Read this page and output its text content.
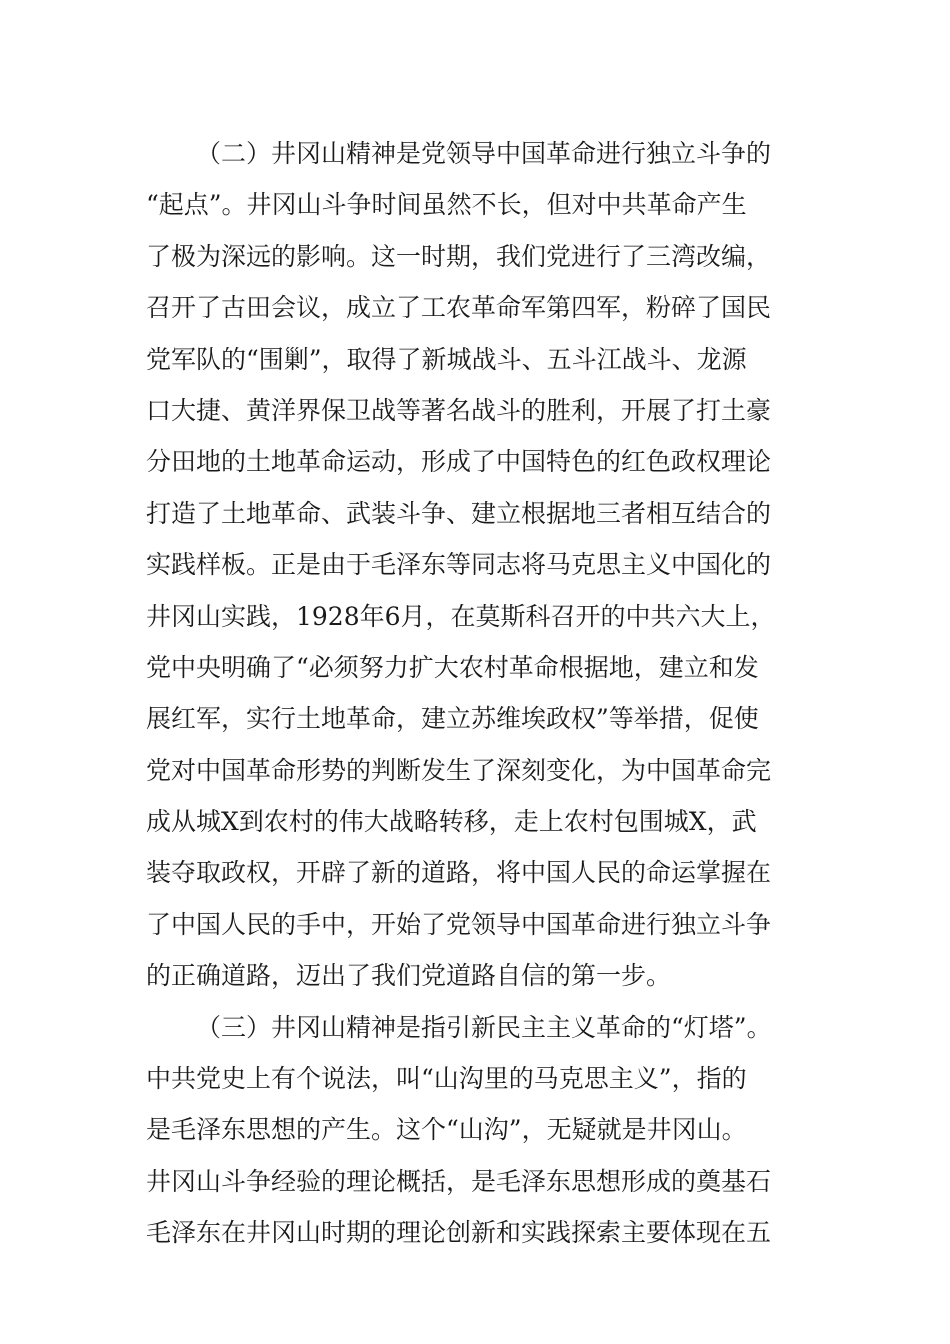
（二）井冈山精神是党领导中国革命进行独立斗争的
“起点”。井冈山斗争时间虽然不长，但对中共革命产生
了极为深远的影响。这一时期，我们党进行了三湾改编，
召开了古田会议，成立了工农革命军第四军，粉碎了国民
党军队的“围剿”，取得了新城战斗、五斗江战斗、龙源
口大捷、黄洋界保卫战等著名战斗的胜利，开展了打土豪
分田地的土地革命运动，形成了中国特色的红色政权理论
打造了土地革命、武装斗争、建立根据地三者相互结合的
实践样板。正是由于毛泽东等同志将马克思主义中国化的
井冈山实践，1928年6月，在莫斯科召开的中共六大上，
党中央明确了“必须努力扩大农村革命根据地，建立和发
展红军，实行土地革命，建立苏维埃政权”等举措，促使
党对中国革命形势的判断发生了深刻变化，为中国革命完
成从城X到农村的伟大战略转移，走上农村包围城X，武
装夺取政权，开辟了新的道路，将中国人民的命运掌握在
了中国人民的手中，开始了党领导中国革命进行独立斗争
的正确道路，迈出了我们党道路自信的第一步。
（三）井冈山精神是指引新民主主义革命的“灯塔”。
中共党史上有个说法，叫“山沟里的马克思主义”，指的
是毛泽东思想的产生。这个“山沟”，无疑就是井冈山。
井冈山斗争经验的理论概括，是毛泽东思想形成的奠基石
毛泽东在井冈山时期的理论创新和实践探索主要体现在五
